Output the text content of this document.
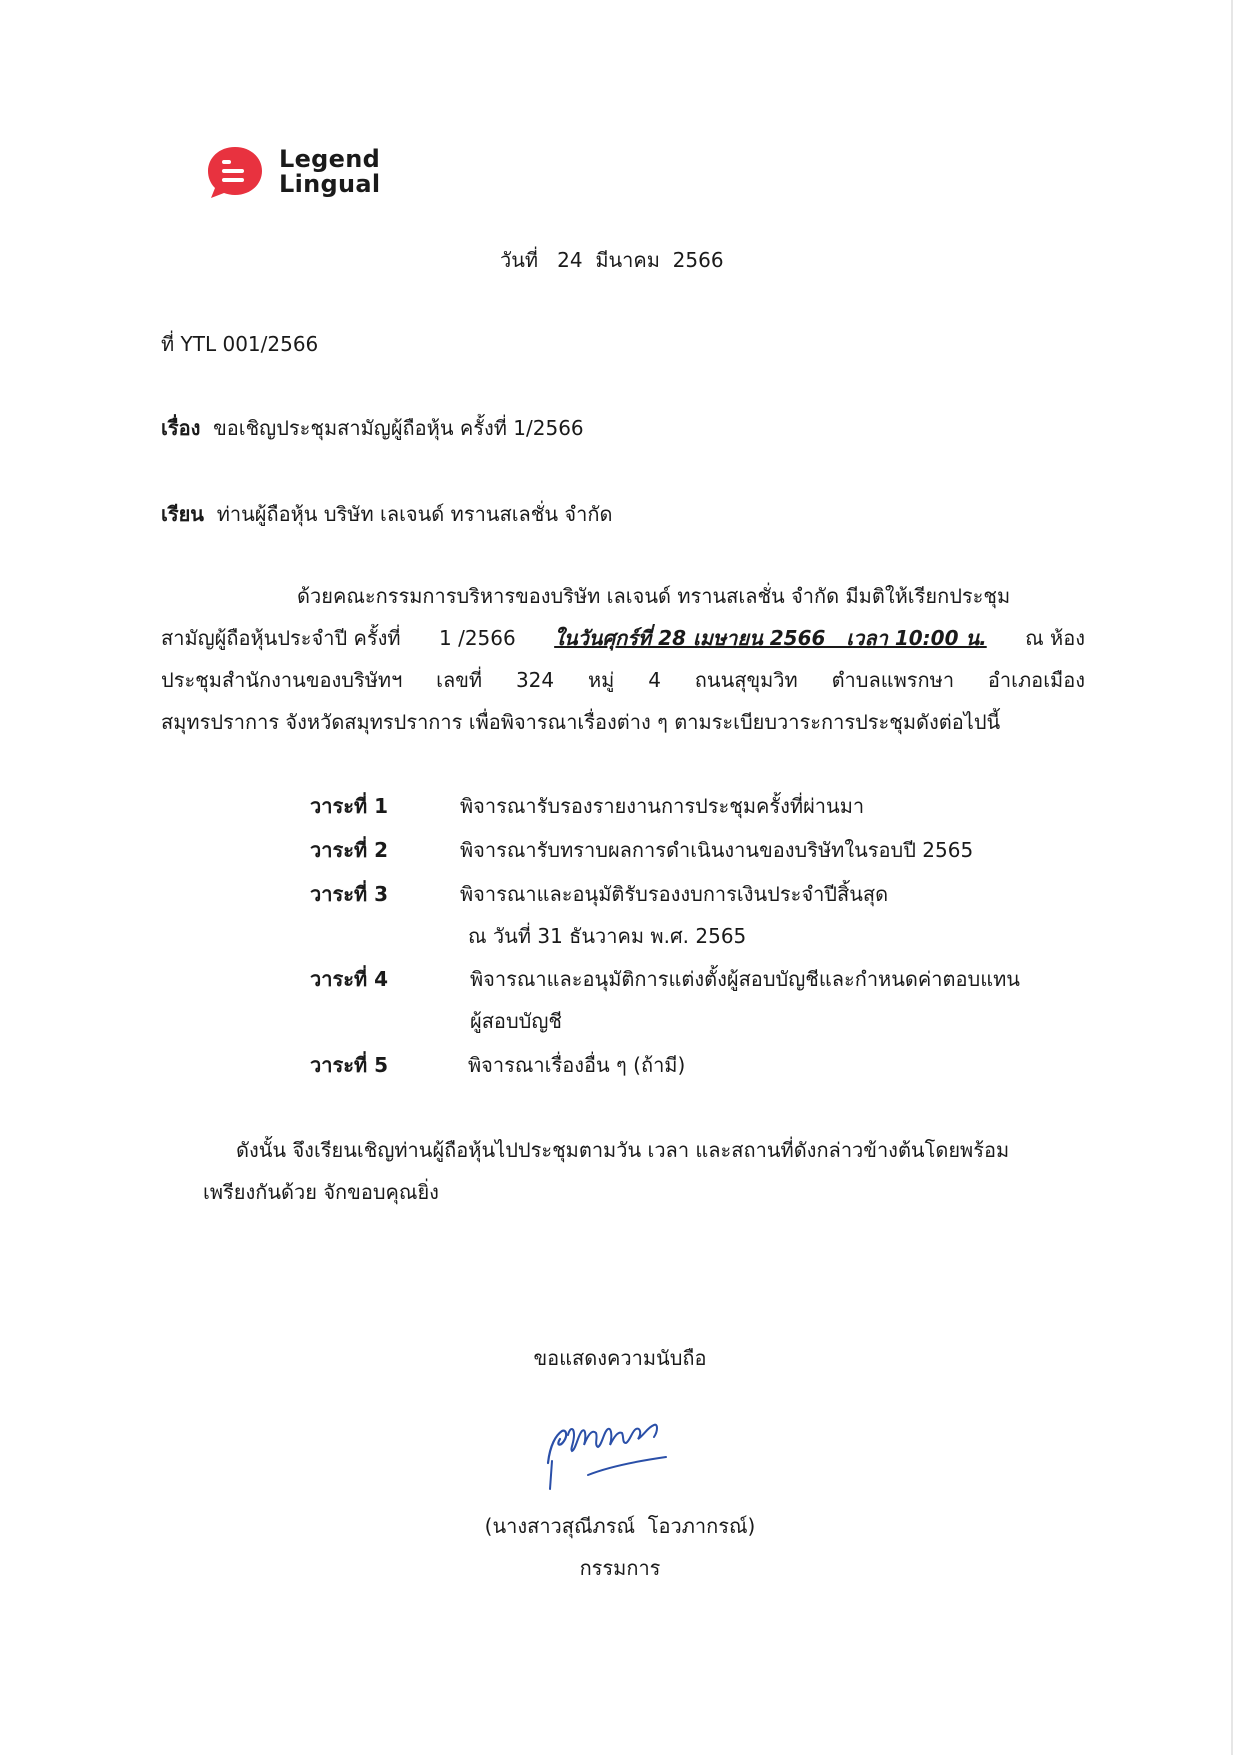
Legend
Lingual
วันที่   24  มีนาคม  2566
ที่ YTL 001/2566
เรื่อง ขอเชิญประชุมสามัญผู้ถือหุ้น ครั้งที่ 1/2566
เรียน ท่านผู้ถือหุ้น บริษัท เลเจนด์ ทรานสเลชั่น จำกัด
ด้วยคณะกรรมการบริหารของบริษัท เลเจนด์ ทรานสเลชั่น จำกัด มีมติให้เรียกประชุม
สามัญผู้ถือหุ้นประจำปี ครั้งที่ 1 /2566 ในวันศุกร์ที่ 28 เมษายน 2566   เวลา 10:00 น. ณ ห้อง
ประชุมสำนักงานของบริษัทฯ เลขที่ 324 หมู่ 4 ถนนสุขุมวิท ตำบลแพรกษา อำเภอเมือง
สมุทรปราการ จังหวัดสมุทรปราการ เพื่อพิจารณาเรื่องต่าง ๆ ตามระเบียบวาระการประชุมดังต่อไปนี้
วาระที่ 1	พิจารณารับรองรายงานการประชุมครั้งที่ผ่านมา
วาระที่ 2	พิจารณารับทราบผลการดำเนินงานของบริษัทในรอบปี 2565
วาระที่ 3	พิจารณาและอนุมัติรับรองงบการเงินประจำปีสิ้นสุด
ณ วันที่ 31 ธันวาคม พ.ศ. 2565
วาระที่ 4	พิจารณาและอนุมัติการแต่งตั้งผู้สอบบัญชีและกำหนดค่าตอบแทน
ผู้สอบบัญชี
วาระที่ 5	พิจารณาเรื่องอื่น ๆ (ถ้ามี)
ดังนั้น จึงเรียนเชิญท่านผู้ถือหุ้นไปประชุมตามวัน เวลา และสถานที่ดังกล่าวข้างต้นโดยพร้อม
เพรียงกันด้วย จักขอบคุณยิ่ง
ขอแสดงความนับถือ
(นางสาวสุณีภรณ์  โอวภากรณ์)
กรรมการ
